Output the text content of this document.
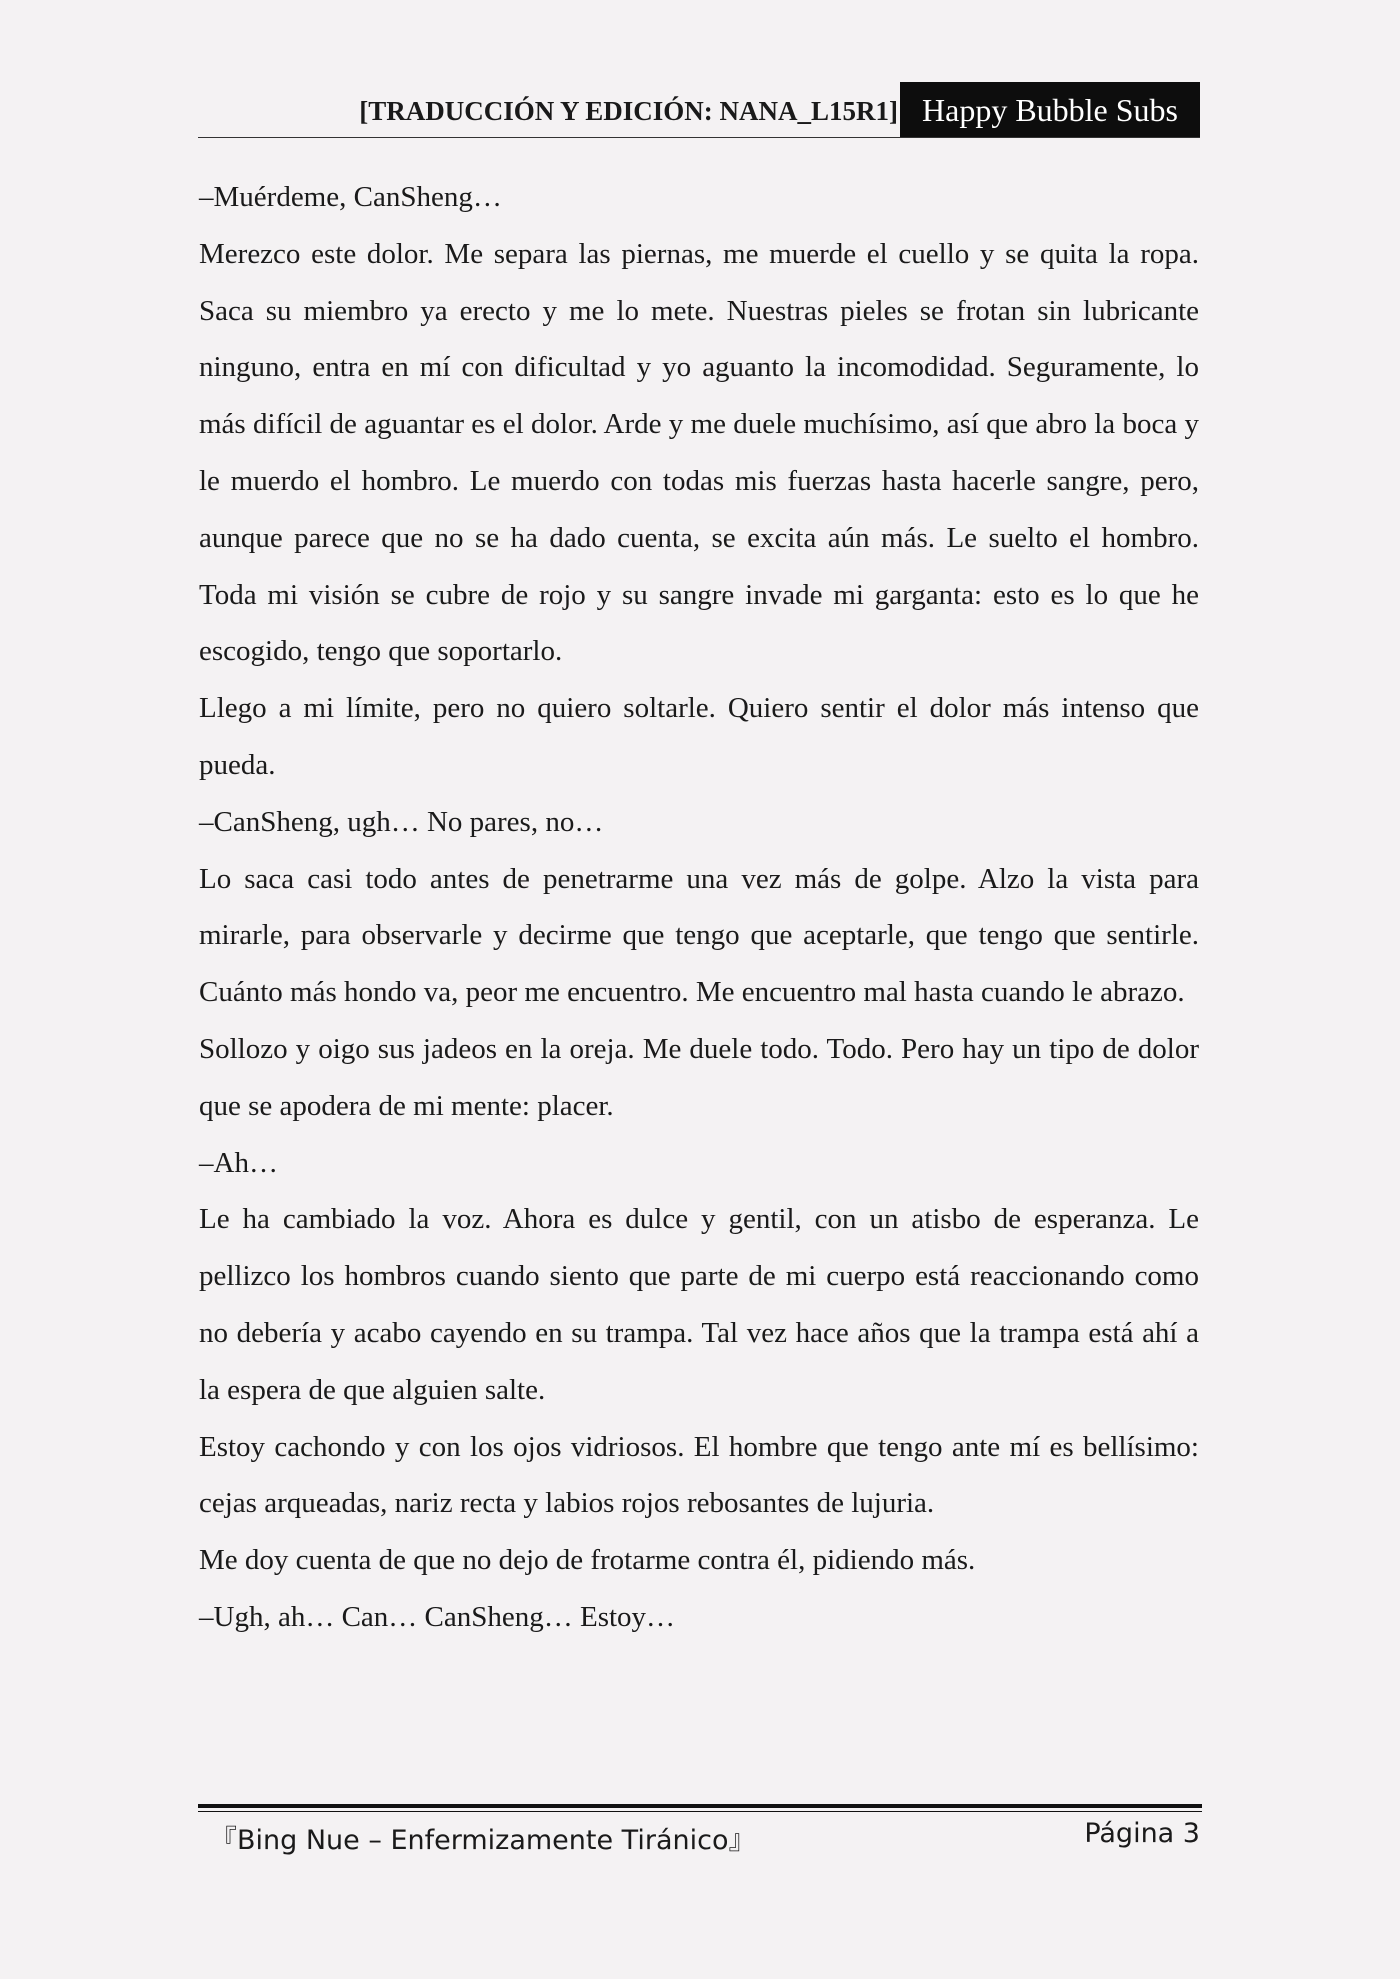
[TRADUCCIÓN Y EDICIÓN: NANA_L15R1] Happy Bubble Subs

–Muérdeme, CanSheng…

Merezco este dolor. Me separa las piernas, me muerde el cuello y se quita la ropa. Saca su miembro ya erecto y me lo mete. Nuestras pieles se frotan sin lubricante ninguno, entra en mí con dificultad y yo aguanto la incomodidad. Seguramente, lo más difícil de aguantar es el dolor. Arde y me duele muchísimo, así que abro la boca y le muerdo el hombro. Le muerdo con todas mis fuerzas hasta hacerle sangre, pero, aunque parece que no se ha dado cuenta, se excita aún más. Le suelto el hombro. Toda mi visión se cubre de rojo y su sangre invade mi garganta: esto es lo que he escogido, tengo que soportarlo.

Llego a mi límite, pero no quiero soltarle. Quiero sentir el dolor más intenso que pueda.

–CanSheng, ugh… No pares, no…

Lo saca casi todo antes de penetrarme una vez más de golpe. Alzo la vista para mirarle, para observarle y decirme que tengo que aceptarle, que tengo que sentirle. Cuánto más hondo va, peor me encuentro. Me encuentro mal hasta cuando le abrazo.

Sollozo y oigo sus jadeos en la oreja. Me duele todo. Todo. Pero hay un tipo de dolor que se apodera de mi mente: placer.

–Ah…

Le ha cambiado la voz. Ahora es dulce y gentil, con un atisbo de esperanza. Le pellizco los hombros cuando siento que parte de mi cuerpo está reaccionando como no debería y acabo cayendo en su trampa. Tal vez hace años que la trampa está ahí a la espera de que alguien salte.

Estoy cachondo y con los ojos vidriosos. El hombre que tengo ante mí es bellísimo: cejas arqueadas, nariz recta y labios rojos rebosantes de lujuria.

Me doy cuenta de que no dejo de frotarme contra él, pidiendo más.

–Ugh, ah… Can… CanSheng… Estoy…

『Bing Nue – Enfermizamente Tiránico』	Página 3
